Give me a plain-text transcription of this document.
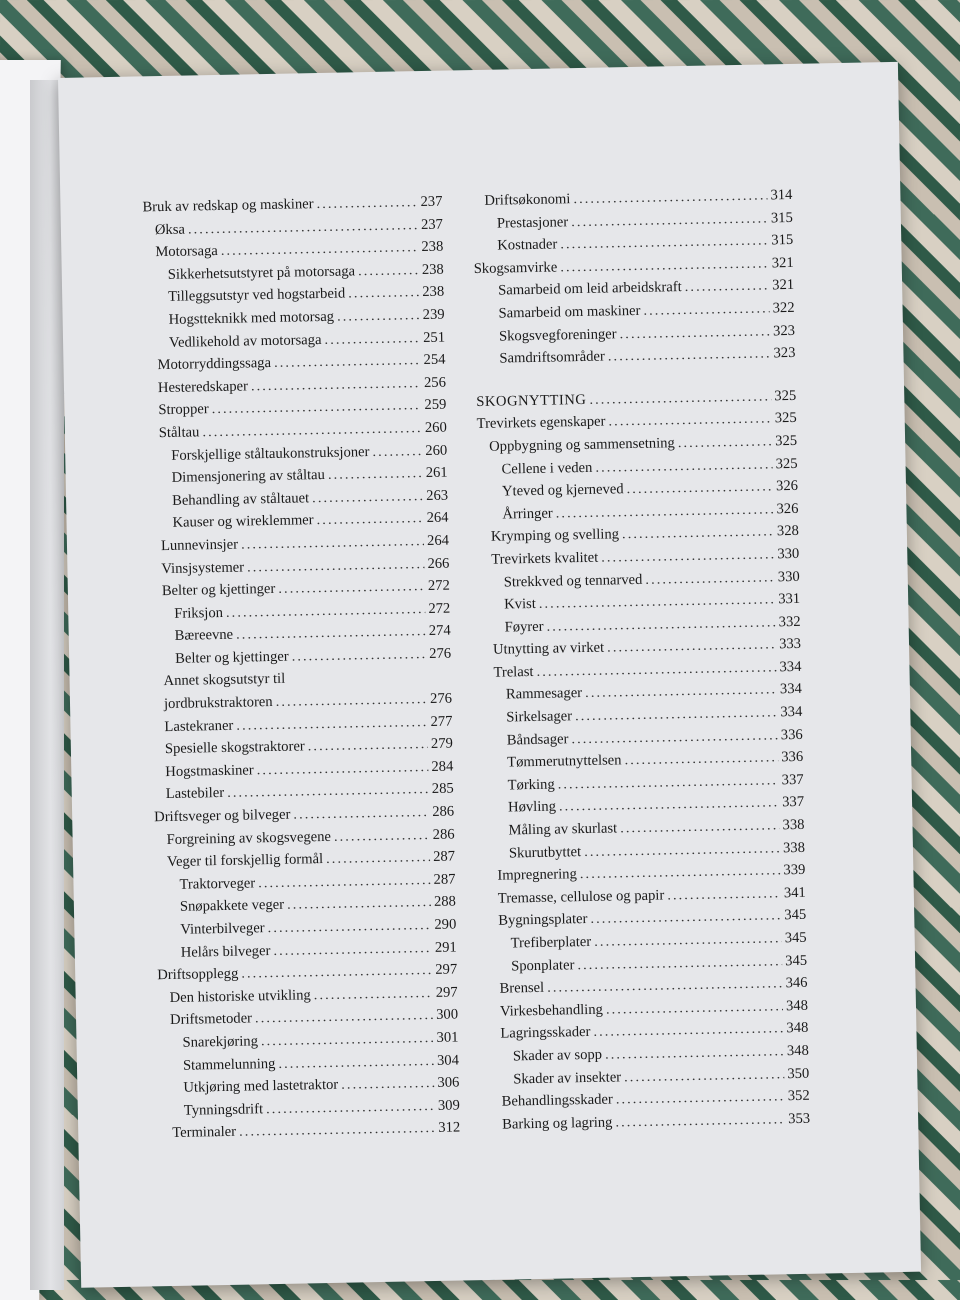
Bruk av redskap og maskiner .....	237
Øksa .....	237
Motorsaga .....	238
Sikkerhetsutstyret på motorsaga .....	238
Tilleggsutstyr ved hogstarbeid .....	238
Hogstteknikk med motorsag .....	239
Vedlikehold av motorsaga .....	251
Motorryddingssaga .....	254
Hesteredskaper .....	256
Stropper .....	259
Ståltau .....	260
Forskjellige ståltaukonstruksjoner .....	260
Dimensjonering av ståltau .....	261
Behandling av ståltauet .....	263
Kauser og wireklemmer .....	264
Lunnevinsjer .....	264
Vinsjsystemer .....	266
Belter og kjettinger .....	272
Friksjon .....	272
Bæreevne .....	274
Belter og kjettinger .....	276
Annet skogsutstyr til
jordbrukstraktoren .....	276
Lastekraner .....	277
Spesielle skogstraktorer .....	279
Hogstmaskiner .....	284
Lastebiler .....	285
Driftsveger og bilveger .....	286
Forgreining av skogsvegene .....	286
Veger til forskjellig formål .....	287
Traktorveger .....	287
Snøpakkete veger .....	288
Vinterbilveger .....	290
Helårs bilveger .....	291
Driftsopplegg .....	297
Den historiske utvikling .....	297
Driftsmetoder .....	300
Snarekjøring .....	301
Stammelunning .....	304
Utkjøring med lastetraktor .....	306
Tynningsdrift .....	309
Terminaler .....	312
Driftsøkonomi .....	314
Prestasjoner .....	315
Kostnader .....	315
Skogsamvirke .....	321
Samarbeid om leid arbeidskraft .....	321
Samarbeid om maskiner .....	322
Skogsvegforeninger .....	323
Samdriftsområder .....	323
SKOGNYTTING .....	325
Trevirkets egenskaper .....	325
Oppbygning og sammensetning .....	325
Cellene i veden .....	325
Yteved og kjerneved .....	326
Årringer .....	326
Krymping og svelling .....	328
Trevirkets kvalitet .....	330
Strekkved og tennarved .....	330
Kvist .....	331
Føyrer .....	332
Utnytting av virket .....	333
Trelast .....	334
Rammesager .....	334
Sirkelsager .....	334
Båndsager .....	336
Tømmerutnyttelsen .....	336
Tørking .....	337
Høvling .....	337
Måling av skurlast .....	338
Skurutbyttet .....	338
Impregnering .....	339
Tremasse, cellulose og papir .....	341
Bygningsplater .....	345
Trefiberplater .....	345
Sponplater .....	345
Brensel .....	346
Virkesbehandling .....	348
Lagringsskader .....	348
Skader av sopp .....	348
Skader av insekter .....	350
Behandlingsskader .....	352
Barking og lagring .....	353
